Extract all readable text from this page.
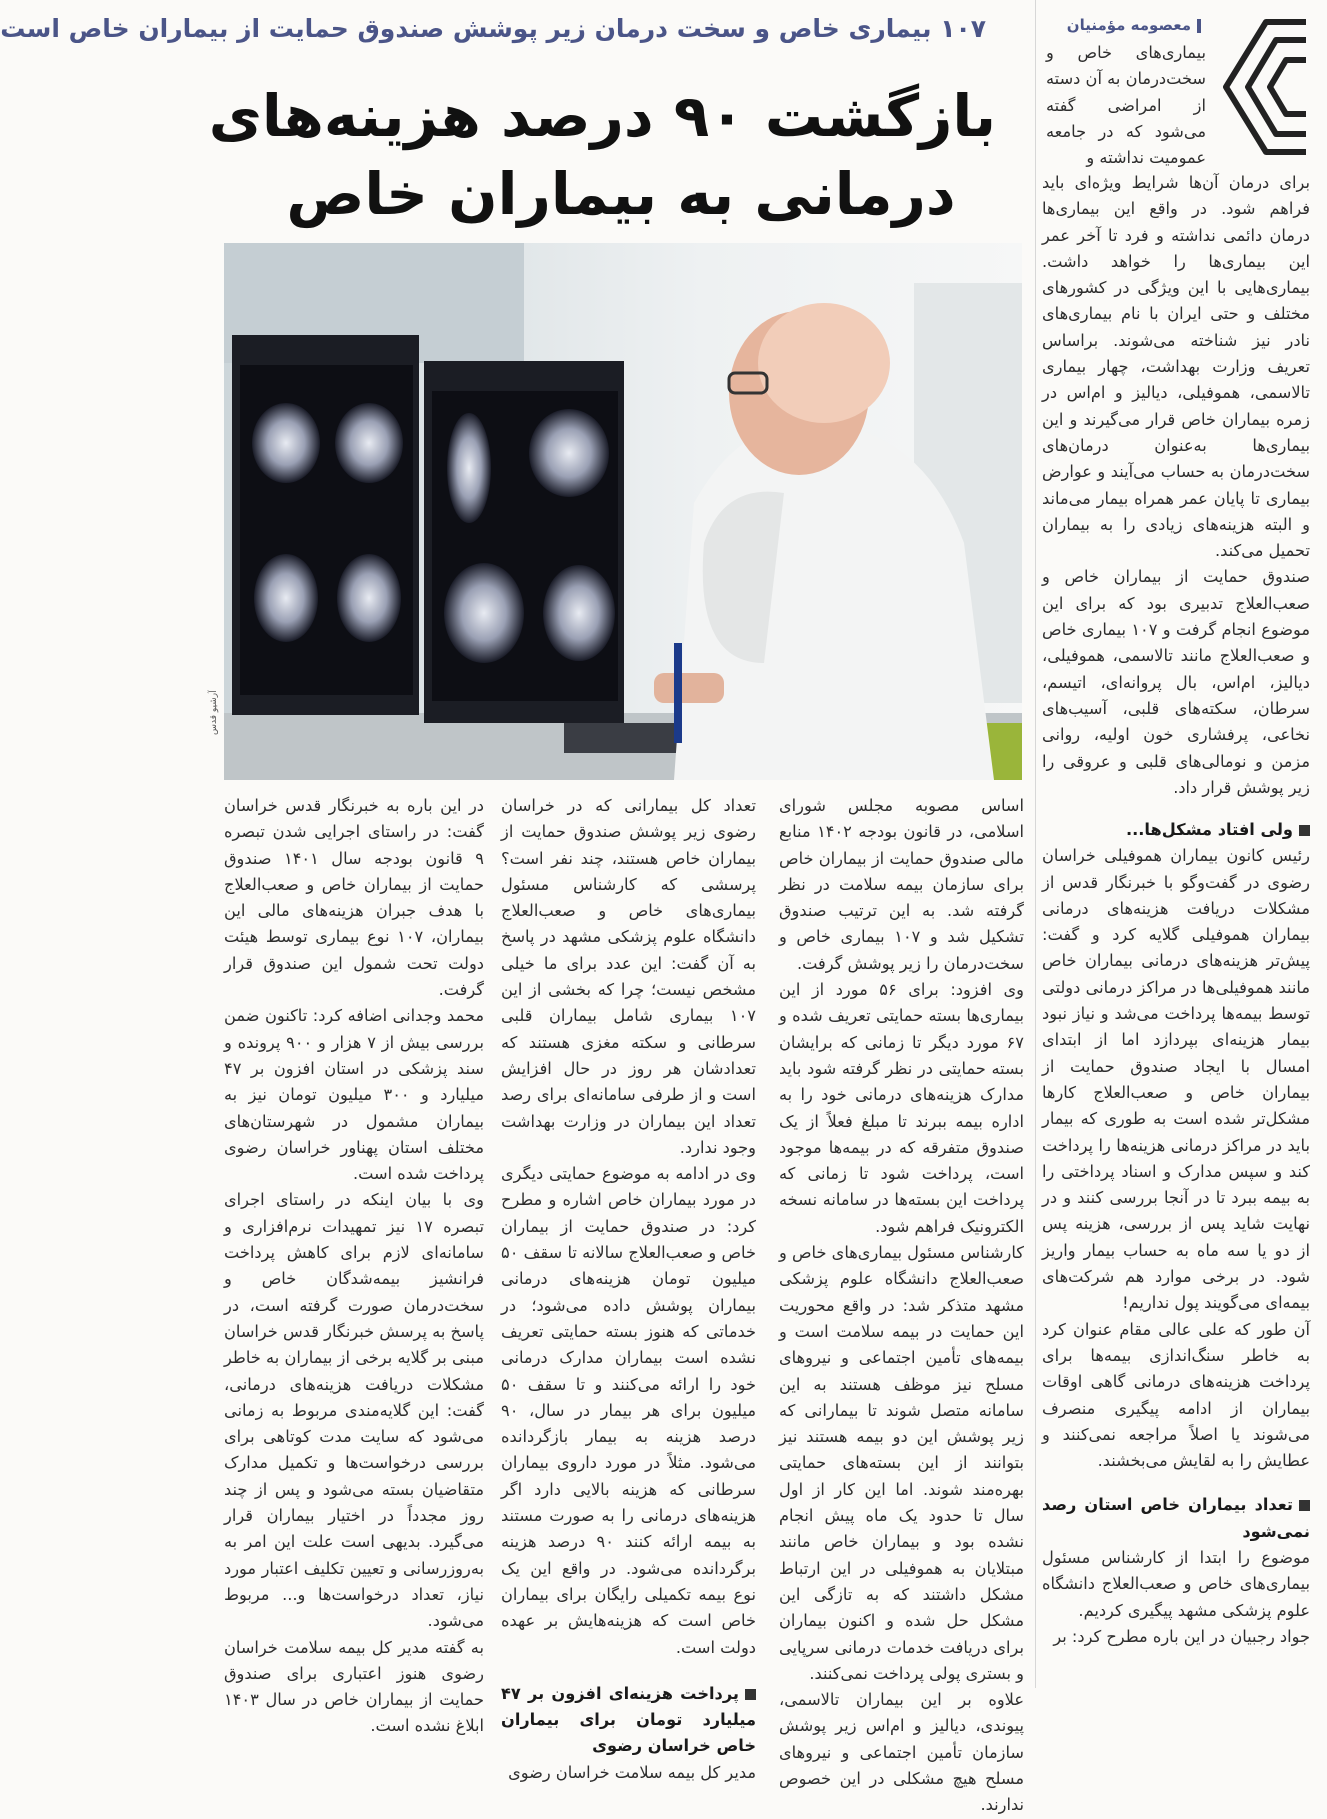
۱۰۷ بیماری خاص و سخت درمان زیر پوشش صندوق حمایت از بیماران خاص است
بازگشت ۹۰ درصد هزینه‌های
درمانی به بیماران خاص
آرشیو قدس
معصومه مؤمنیان

بیماری‌های خاص و سخت‌درمان به آن دسته از امراضی گفته می‌شود که در جامعه عمومیت نداشته و

برای درمان آن‌ها شرایط ویژه‌ای باید فراهم شود. در واقع این بیماری‌ها درمان دائمی نداشته و فرد تا آخر عمر این بیماری‌ها را خواهد داشت. بیماری‌هایی با این ویژگی در کشورهای مختلف و حتی ایران با نام بیماری‌های نادر نیز شناخته می‌شوند. براساس تعریف وزارت بهداشت، چهار بیماری تالاسمی، هموفیلی، دیالیز و ام‌اس در زمره بیماران خاص قرار می‌گیرند و این بیماری‌ها به‌عنوان درمان‌های سخت‌درمان به حساب می‌آیند و عوارض بیماری تا پایان عمر همراه بیمار می‌ماند و البته هزینه‌های زیادی را به بیماران تحمیل می‌کند.
صندوق حمایت از بیماران خاص و صعب‌العلاج تدبیری بود که برای این موضوع انجام گرفت و ۱۰۷ بیماری خاص و صعب‌العلاج مانند تالاسمی، هموفیلی، دیالیز، ام‌اس، بال پروانه‌ای، اتیسم، سرطان، سکته‌های قلبی، آسیب‌های نخاعی، پرفشاری خون اولیه، روانی مزمن و نومالی‌های قلبی و عروقی را زیر پوشش قرار داد.

ولی افتاد مشکل‌ها...

رئیس کانون بیماران هموفیلی خراسان رضوی در گفت‌وگو با خبرنگار قدس از مشکلات دریافت هزینه‌های درمانی بیماران هموفیلی گلایه کرد و گفت: پیش‌تر هزینه‌های درمانی بیماران خاص مانند هموفیلی‌ها در مراکز درمانی دولتی توسط بیمه‌ها پرداخت می‌شد و نیاز نبود بیمار هزینه‌ای بپردازد اما از ابتدای امسال با ایجاد صندوق حمایت از بیماران خاص و صعب‌العلاج کارها مشکل‌تر شده است به طوری که بیمار باید در مراکز درمانی هزینه‌ها را پرداخت کند و سپس مدارک و اسناد پرداختی را به بیمه ببرد تا در آنجا بررسی کنند و در نهایت شاید پس از بررسی، هزینه پس از دو یا سه ماه به حساب بیمار واریز شود. در برخی موارد هم شرکت‌های بیمه‌ای می‌گویند پول نداریم!
آن طور که علی عالی مقام عنوان کرد به خاطر سنگ‌اندازی بیمه‌ها برای پرداخت هزینه‌های درمانی گاهی اوقات بیماران از ادامه پیگیری منصرف می‌شوند یا اصلاً مراجعه نمی‌کنند و عطایش را به لقایش می‌بخشند.

تعداد بیماران خاص استان رصد نمی‌شود

موضوع را ابتدا از کارشناس مسئول بیماری‌های خاص و صعب‌العلاج دانشگاه علوم پزشکی مشهد پیگیری کردیم.
جواد رجبیان در این باره مطرح کرد: بر

اساس مصوبه مجلس شورای اسلامی، در قانون بودجه ۱۴۰۲ منابع مالی صندوق حمایت از بیماران خاص برای سازمان بیمه سلامت در نظر گرفته شد. به این ترتیب صندوق تشکیل شد و ۱۰۷ بیماری خاص و سخت‌درمان را زیر پوشش گرفت.
وی افزود: برای ۵۶ مورد از این بیماری‌ها بسته حمایتی تعریف شده و ۶۷ مورد دیگر تا زمانی که برایشان بسته حمایتی در نظر گرفته شود باید مدارک هزینه‌های درمانی خود را به اداره بیمه ببرند تا مبلغ فعلاً از یک صندوق متفرقه که در بیمه‌ها موجود است، پرداخت شود تا زمانی که پرداخت این بسته‌ها در سامانه نسخه الکترونیک فراهم شود.
کارشناس مسئول بیماری‌های خاص و صعب‌العلاج دانشگاه علوم پزشکی مشهد متذکر شد: در واقع محوریت این حمایت در بیمه سلامت است و بیمه‌های تأمین اجتماعی و نیروهای مسلح نیز موظف هستند به این سامانه متصل شوند تا بیمارانی که زیر پوشش این دو بیمه هستند نیز بتوانند از این بسته‌های حمایتی بهره‌مند شوند. اما این کار از اول سال تا حدود یک ماه پیش انجام نشده بود و بیماران خاص مانند مبتلایان به هموفیلی در این ارتباط مشکل داشتند که به تازگی این مشکل حل شده و اکنون بیماران برای دریافت خدمات درمانی سرپایی و بستری پولی پرداخت نمی‌کنند.
علاوه بر این بیماران تالاسمی، پیوندی، دیالیز و ام‌اس زیر پوشش سازمان تأمین اجتماعی و نیروهای مسلح هیچ مشکلی در این خصوص ندارند.

تعداد کل بیمارانی که در خراسان رضوی زیر پوشش صندوق حمایت از بیماران خاص هستند، چند نفر است؟ پرسشی که کارشناس مسئول بیماری‌های خاص و صعب‌العلاج دانشگاه علوم پزشکی مشهد در پاسخ به آن گفت: این عدد برای ما خیلی مشخص نیست؛ چرا که بخشی از این ۱۰۷ بیماری شامل بیماران قلبی سرطانی و سکته مغزی هستند که تعدادشان هر روز در حال افزایش است و از طرفی سامانه‌ای برای رصد تعداد این بیماران در وزارت بهداشت وجود ندارد.
وی در ادامه به موضوع حمایتی دیگری در مورد بیماران خاص اشاره و مطرح کرد: در صندوق حمایت از بیماران خاص و صعب‌العلاج سالانه تا سقف ۵۰ میلیون تومان هزینه‌های درمانی بیماران پوشش داده می‌شود؛ در خدماتی که هنوز بسته حمایتی تعریف نشده است بیماران مدارک درمانی خود را ارائه می‌کنند و تا سقف ۵۰ میلیون برای هر بیمار در سال، ۹۰ درصد هزینه به بیمار بازگردانده می‌شود. مثلاً در مورد داروی بیماران سرطانی که هزینه بالایی دارد اگر هزینه‌های درمانی را به صورت مستند به بیمه ارائه کنند ۹۰ درصد هزینه برگردانده می‌شود. در واقع این یک نوع بیمه تکمیلی رایگان برای بیماران خاص است که هزینه‌هایش بر عهده دولت است.

پرداخت هزینه‌ای افزون بر ۴۷ میلیارد تومان برای بیماران خاص خراسان رضوی

مدیر کل بیمه سلامت خراسان رضوی

در این باره به خبرنگار قدس خراسان گفت: در راستای اجرایی شدن تبصره ۹ قانون بودجه سال ۱۴۰۱ صندوق حمایت از بیماران خاص و صعب‌العلاج با هدف جبران هزینه‌های مالی این بیماران، ۱۰۷ نوع بیماری توسط هیئت دولت تحت شمول این صندوق قرار گرفت.
محمد وجدانی اضافه کرد: تاکنون ضمن بررسی بیش از ۷ هزار و ۹۰۰ پرونده و سند پزشکی در استان افزون بر ۴۷ میلیارد و ۳۰۰ میلیون تومان نیز به بیماران مشمول در شهرستان‌های مختلف استان پهناور خراسان رضوی پرداخت شده است.
وی با بیان اینکه در راستای اجرای تبصره ۱۷ نیز تمهیدات نرم‌افزاری و سامانه‌ای لازم برای کاهش پرداخت فرانشیز بیمه‌شدگان خاص و سخت‌درمان صورت گرفته است، در پاسخ به پرسش خبرنگار قدس خراسان مبنی بر گلایه برخی از بیماران به خاطر مشکلات دریافت هزینه‌های درمانی، گفت: این گلایه‌مندی مربوط به زمانی می‌شود که سایت مدت کوتاهی برای بررسی درخواست‌ها و تکمیل مدارک متقاضیان بسته می‌شود و پس از چند روز مجدداً در اختیار بیماران قرار می‌گیرد. بدیهی است علت این امر به به‌روزرسانی و تعیین تکلیف اعتبار مورد نیاز، تعداد درخواست‌ها و... مربوط می‌شود.
به گفته مدیر کل بیمه سلامت خراسان رضوی هنوز اعتباری برای صندوق حمایت از بیماران خاص در سال ۱۴۰۳ ابلاغ نشده است.
